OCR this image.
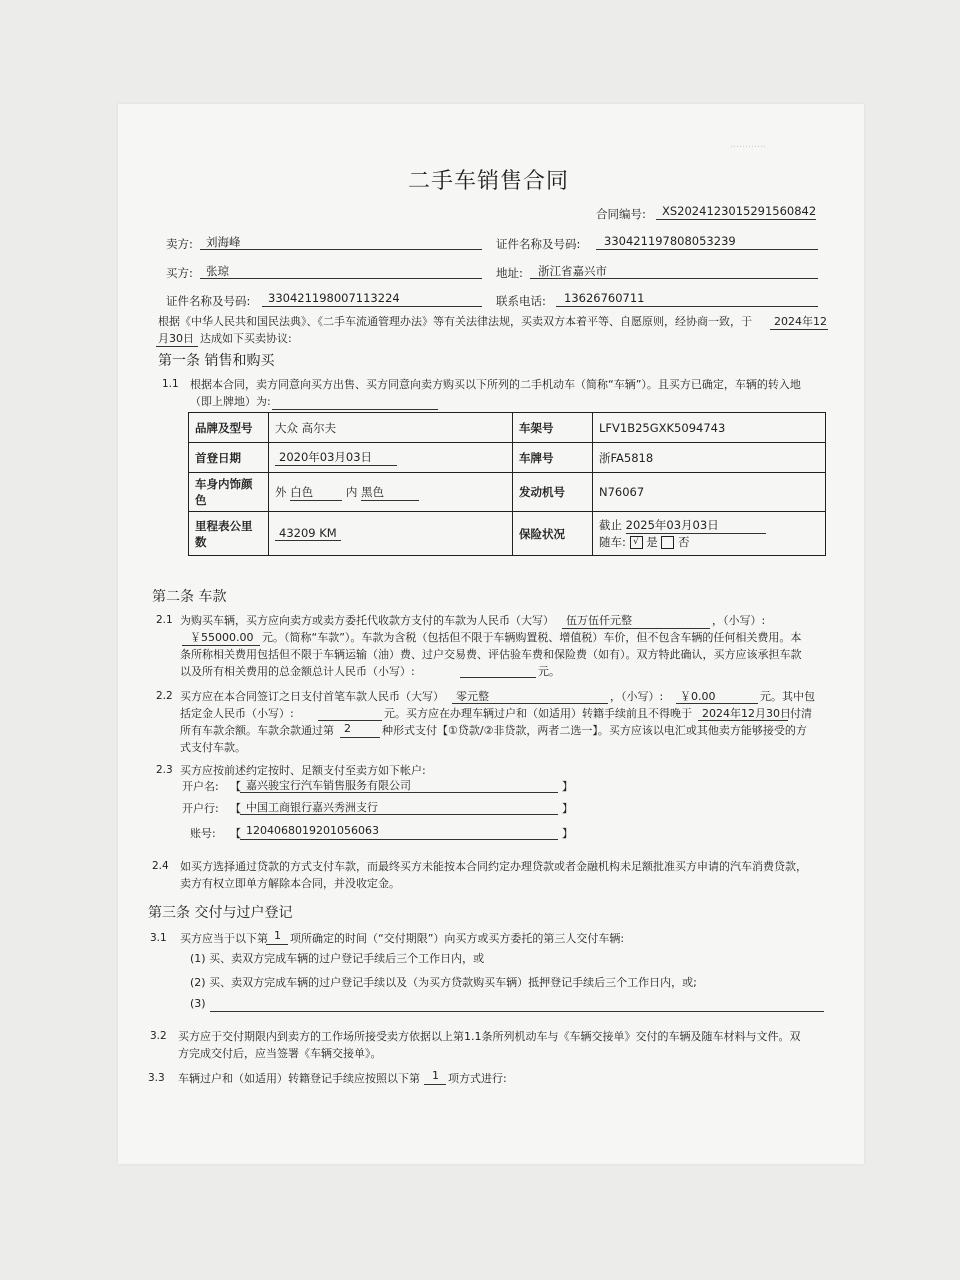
…………
二手车销售合同
合同编号: XS2024123015291560842
卖方: 刘海峰	证件名称及号码: 330421197808053239
买方: 张琼	地址: 浙江省嘉兴市
证件名称及号码: 330421198007113224	联系电话: 13626760711
根据《中华人民共和国民法典》、《二手车流通管理办法》等有关法律法规，买卖双方本着平等、自愿原则，经协商一致，于	2024年12
月30日 达成如下买卖协议:
第一条 销售和购买
1.1 根据本合同，卖方同意向买方出售、买方同意向卖方购买以下所列的二手机动车（简称“车辆”）。且买方已确定，车辆的转入地
（即上牌地）为:
品牌及型号	大众 高尔夫	车架号	LFV1B25GXK5094743
首登日期	2020年03月03日	车牌号	浙FA5818
车身内饰颜色	外 白色 内 黑色	发动机号	N76067
里程表公里数	43209 KM	保险状况	截止 2025年03月03日
随车: √ 是 否
第二条 车款
2.1 为购买车辆，买方应向卖方或卖方委托代收款方支付的车款为人民币（大写） 伍万伍仟元整	，（小写）:
￥55000.00 元。（简称“车款”）。车款为含税（包括但不限于车辆购置税、增值税）车价，但不包含车辆的任何相关费用。本
条所称相关费用包括但不限于车辆运输（油）费、过户交易费、评估验车费和保险费（如有）。双方特此确认，买方应该承担车款
以及所有相关费用的总金额总计人民币（小写）:	元。
2.2 买方应在本合同签订之日支付首笔车款人民币（大写） 零元整	，（小写）: ￥0.00	元。其中包
括定金人民币（小写）:	元。买方应在办理车辆过户和（如适用）转籍手续前且不得晚于 2024年12月30日 付清
所有车款余额。车款余款通过第 2	种形式支付【①贷款/②非贷款，两者二选一】。买方应该以电汇或其他卖方能够接受的方
式支付车款。
2.3 买方应按前述约定按时、足额支付至卖方如下帐户:
开户名: 【 嘉兴骏宝行汽车销售服务有限公司	】
开户行: 【 中国工商银行嘉兴秀洲支行	】
账号: 【 1204068019201056063	】
2.4 如买方选择通过贷款的方式支付车款，而最终买方未能按本合同约定办理贷款或者金融机构未足额批准买方申请的汽车消费贷款，
卖方有权立即单方解除本合同，并没收定金。
第三条 交付与过户登记
3.1 买方应当于以下第 1 项所确定的时间（“交付期限”）向买方或买方委托的第三人交付车辆:
(1) 买、卖双方完成车辆的过户登记手续后三个工作日内，或
(2) 买、卖双方完成车辆的过户登记手续以及（为买方贷款购买车辆）抵押登记手续后三个工作日内，或;
(3)
3.2 买方应于交付期限内到卖方的工作场所接受卖方依据以上第1.1条所列机动车与《车辆交接单》交付的车辆及随车材料与文件。双
方完成交付后，应当签署《车辆交接单》。
3.3 车辆过户和（如适用）转籍登记手续应按照以下第 1 项方式进行:
